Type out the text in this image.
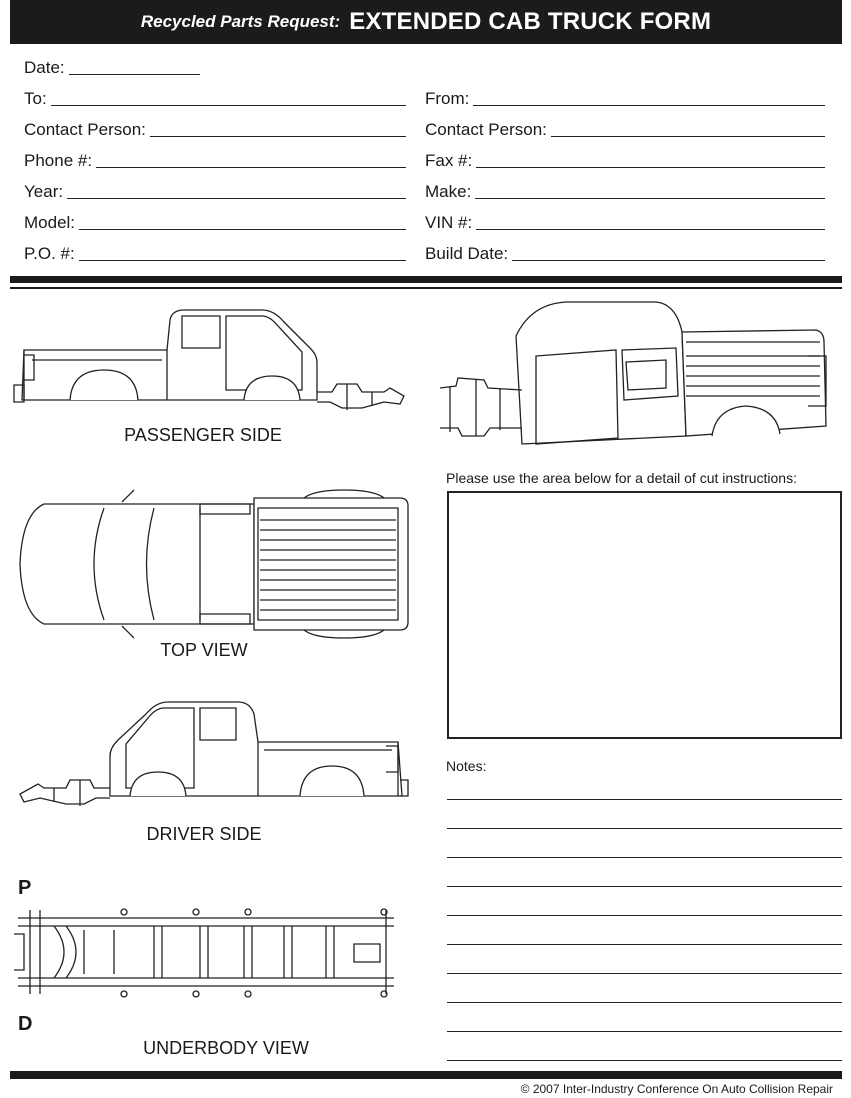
Recycled Parts Request: EXTENDED CAB TRUCK FORM
Date:
To:	From:
Contact Person:	Contact Person:
Phone #:	Fax #:
Year:	Make:
Model:	VIN #:
P.O. #:	Build Date:
PASSENGER SIDE
TOP VIEW
DRIVER SIDE
P
D
UNDERBODY VIEW
Please use the area below for a detail of cut instructions:
Notes:
© 2007 Inter-Industry Conference On Auto Collision Repair
